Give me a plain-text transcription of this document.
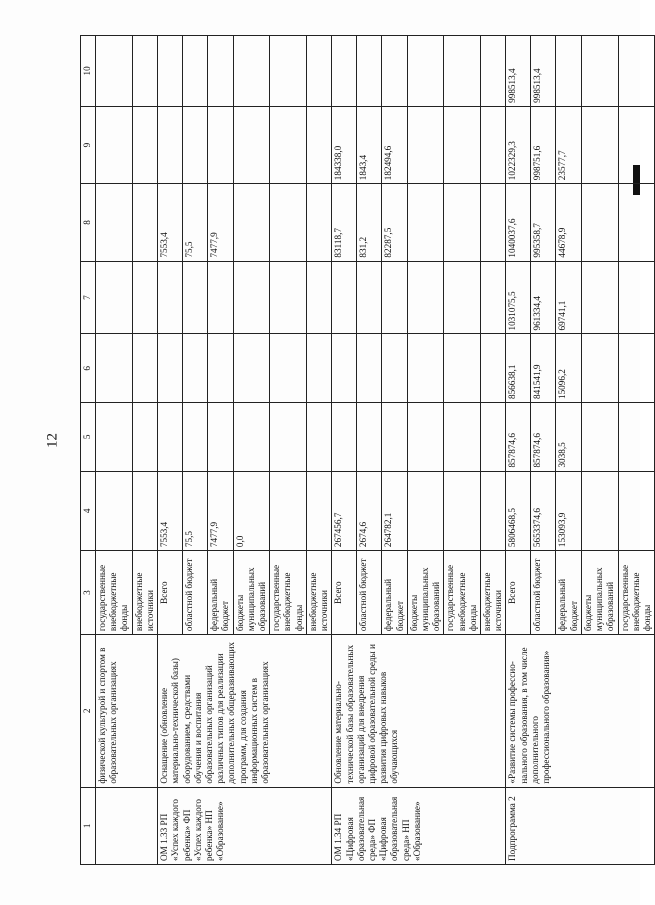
12
1	2	3	4	5	6	7	8	9	10
	физической культурой и спортом в образовательных организациях	государственные внебюджетные фонды							
		внебюджетные источники							
ОМ 1.33 РП «Успех каждого ребенка» ФП «Успех каждого ребенка» НП «Образование»	Оснащение (обновление материально-технической базы) оборудованием, средствами обучения и воспитания образовательных организаций различных типов для реализации дополнительных общеразвивающих программ, для создания информационных систем в образовательных организациях	Всего	7553,4				7553,4		
		областной бюджет	75,5				75,5		
		федеральный бюджет	7477,9				7477,9		
		бюджеты муниципальных образований	0,0						
		государственные внебюджетные фонды							
		внебюджетные источники							
ОМ 1.34 РП «Цифровая образовательная среда» ФП «Цифровая образовательная среда» НП «Образование»	Обновление материально-технической базы образовательных организаций для внедрения цифровой образовательной среды и развития цифровых навыков обучающихся	Всего	267456,7				83118,7	184338,0	
		областной бюджет	2674,6				831,2	1843,4	
		федеральный бюджет	264782,1				82287,5	182494,6	
		бюджеты муниципальных образований							
		государственные внебюджетные фонды							
		внебюджетные источники							
Подпрограмма 2	«Развитие системы профессио-нального образования, в том числе дополнительного профессионального образования»	Всего	5806468,5	857874,6	856638,1	1031075,5	1040037,6	1022329,3	998513,4
		областной бюджет	5653374,6	857874,6	841541,9	961334,4	995358,7	998751,6	998513,4
		федеральный бюджет	153093,9	3038,5	15096,2	69741,1	44678,9	23577,7	
		бюджеты муниципальных образований							
		государственные внебюджетные фонды							
